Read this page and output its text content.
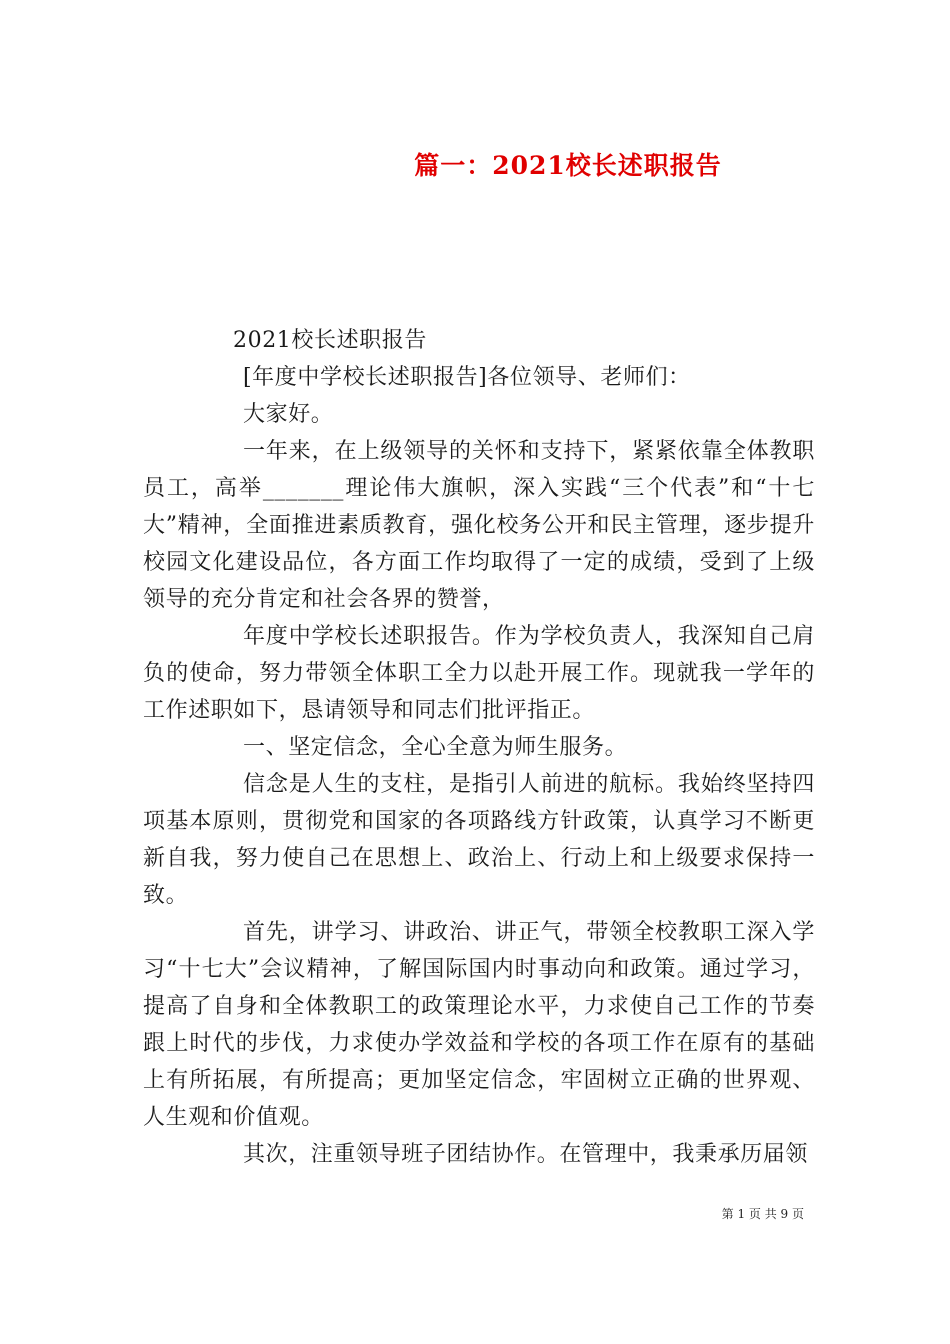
篇一：2021校长述职报告

2021校长述职报告

[年度中学校长述职报告]各位领导、老师们：

大家好。

一年来，在上级领导的关怀和支持下，紧紧依靠全体教职员工，高举_______理论伟大旗帜，深入实践“三个代表”和“十七大”精神，全面推进素质教育，强化校务公开和民主管理，逐步提升校园文化建设品位，各方面工作均取得了一定的成绩，受到了上级领导的充分肯定和社会各界的赞誉，

年度中学校长述职报告。作为学校负责人，我深知自己肩负的使命，努力带领全体职工全力以赴开展工作。现就我一学年的工作述职如下，恳请领导和同志们批评指正。

一、坚定信念，全心全意为师生服务。

信念是人生的支柱，是指引人前进的航标。我始终坚持四项基本原则，贯彻党和国家的各项路线方针政策，认真学习不断更新自我，努力使自己在思想上、政治上、行动上和上级要求保持一致。

首先，讲学习、讲政治、讲正气，带领全校教职工深入学习“十七大”会议精神，了解国际国内时事动向和政策。通过学习，提高了自身和全体教职工的政策理论水平，力求使自己工作的节奏跟上时代的步伐，力求使办学效益和学校的各项工作在原有的基础上有所拓展，有所提高；更加坚定信念，牢固树立正确的世界观、人生观和价值观。

其次，注重领导班子团结协作。在管理中，我秉承历届领

第 1 页 共 9 页
